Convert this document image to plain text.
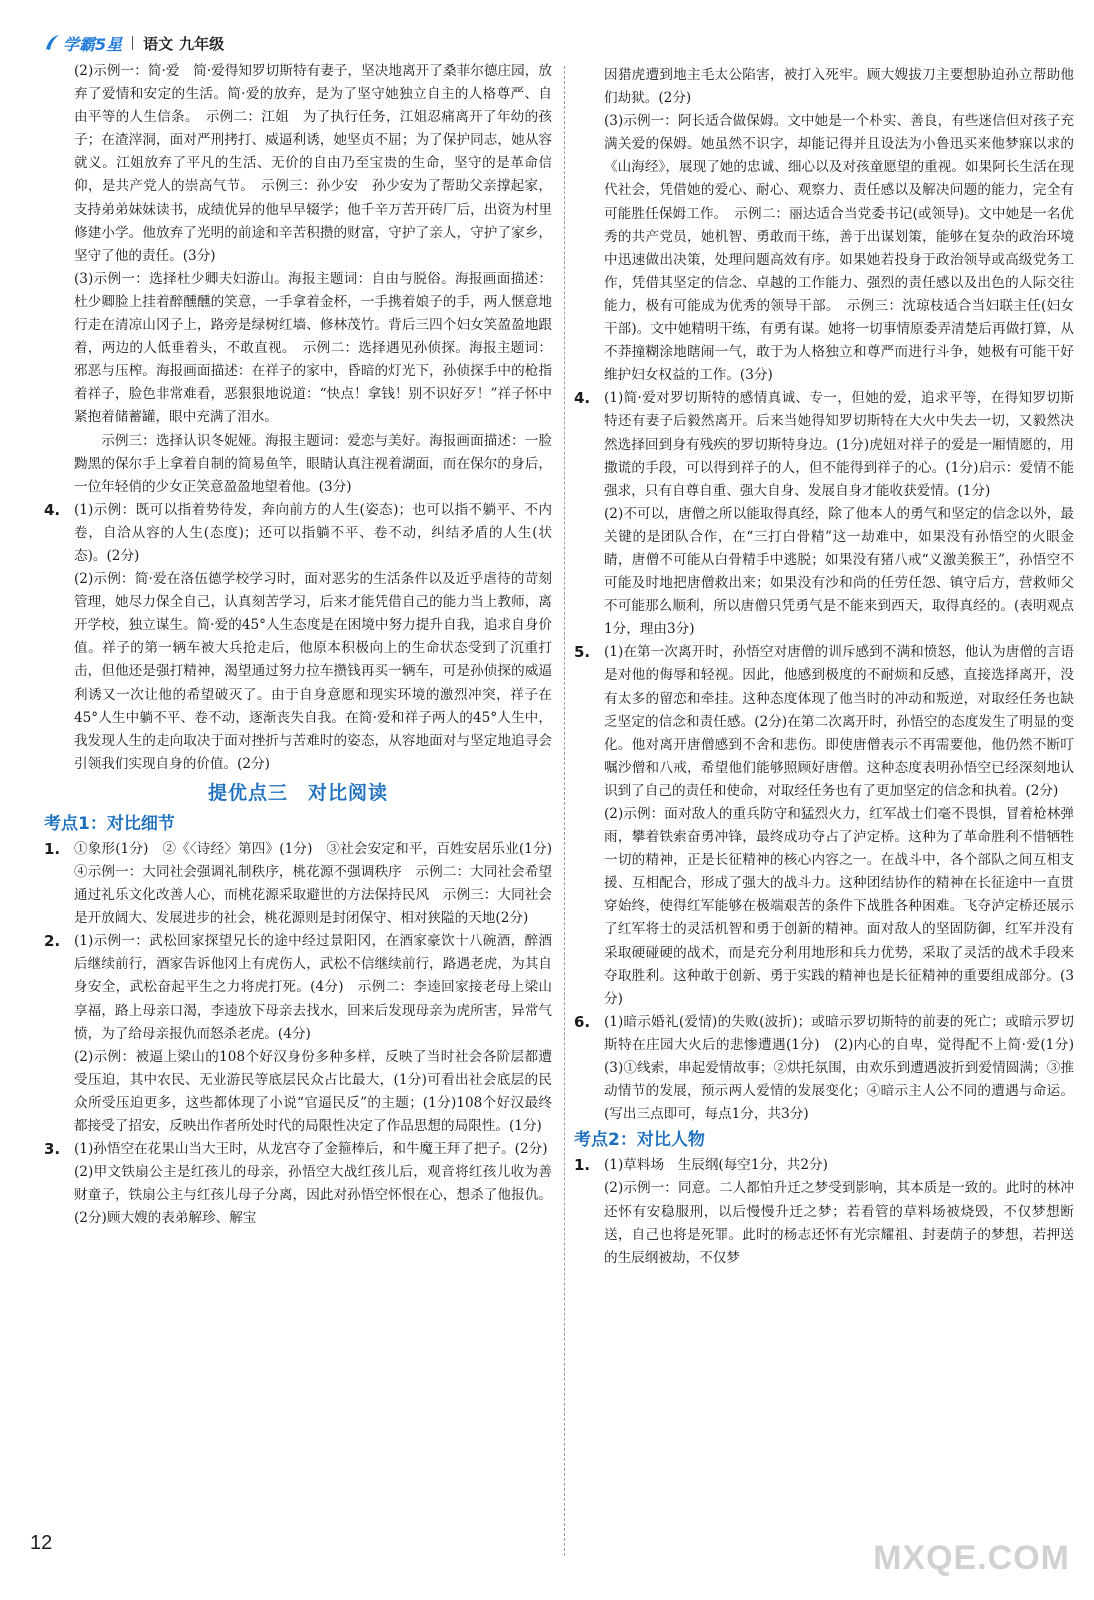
学霸5星 语文 九年级

(2)示例一：简·爱　简·爱得知罗切斯特有妻子，坚决地离开了桑菲尔德庄园，放弃了爱情和安定的生活。简·爱的放弃，是为了坚守她独立自主的人格尊严、自由平等的人生信条。　示例二：江姐　为了执行任务，江姐忍痛离开了年幼的孩子；在渣滓洞，面对严刑拷打、威逼利诱，她坚贞不屈；为了保护同志，她从容就义。江姐放弃了平凡的生活、无价的自由乃至宝贵的生命，坚守的是革命信仰，是共产党人的崇高气节。　示例三：孙少安　孙少安为了帮助父亲撑起家，支持弟弟妹妹读书，成绩优异的他早早辍学；他千辛万苦开砖厂后，出资为村里修建小学。他放弃了光明的前途和辛苦积攒的财富，守护了亲人，守护了家乡，坚守了他的责任。(3分)

(3)示例一：选择杜少卿夫妇游山。海报主题词：自由与脱俗。海报画面描述：杜少卿脸上挂着醉醺醺的笑意，一手拿着金杯，一手携着娘子的手，两人惬意地行走在清凉山冈子上，路旁是绿树红墙、修林茂竹。背后三四个妇女笑盈盈地跟着，两边的人低垂着头，不敢直视。　示例二：选择遇见孙侦探。海报主题词：邪恶与压榨。海报画面描述：在祥子的家中，昏暗的灯光下，孙侦探手中的枪指着祥子，脸色非常难看，恶狠狠地说道：“快点！拿钱！别不识好歹！”祥子怀中紧抱着储蓄罐，眼中充满了泪水。

示例三：选择认识冬妮娅。海报主题词：爱恋与美好。海报画面描述：一脸黝黑的保尔手上拿着自制的简易鱼竿，眼睛认真注视着湖面，而在保尔的身后，一位年轻俏的少女正笑意盈盈地望着他。(3分)

4. (1)示例：既可以指着势待发，奔向前方的人生(姿态)；也可以指不躺平、不内卷，自洽从容的人生(态度)；还可以指躺不平、卷不动，纠结矛盾的人生(状态)。(2分)

(2)示例：简·爱在洛伍德学校学习时，面对恶劣的生活条件以及近乎虐待的苛刻管理，她尽力保全自己，认真刻苦学习，后来才能凭借自己的能力当上教师，离开学校，独立谋生。简·爱的45°人生态度是在困境中努力提升自我，追求自身价值。祥子的第一辆车被大兵抢走后，他原本积极向上的生命状态受到了沉重打击，但他还是强打精神，渴望通过努力拉车攒钱再买一辆车，可是孙侦探的威逼利诱又一次让他的希望破灭了。由于自身意愿和现实环境的激烈冲突，祥子在45°人生中躺不平、卷不动，逐渐丧失自我。在简·爱和祥子两人的45°人生中，我发现人生的走向取决于面对挫折与苦难时的姿态，从容地面对与坚定地追寻会引领我们实现自身的价值。(2分)

提优点三　对比阅读

考点1：对比细节

1. ①象形(1分)　②《〈诗经〉第四》(1分)　③社会安定和平，百姓安居乐业(1分)　④示例一：大同社会强调礼制秩序，桃花源不强调秩序　示例二：大同社会希望通过礼乐文化改善人心，而桃花源采取避世的方法保持民风　示例三：大同社会是开放阔大、发展进步的社会，桃花源则是封闭保守、相对狭隘的天地(2分)

2. (1)示例一：武松回家探望兄长的途中经过景阳冈，在酒家豪饮十八碗酒，醉酒后继续前行，酒家告诉他冈上有虎伤人，武松不信继续前行，路遇老虎，为其自身安全，武松奋起平生之力将虎打死。(4分)　示例二：李逵回家接老母上梁山享福，路上母亲口渴，李逵放下母亲去找水，回来后发现母亲为虎所害，异常气愤，为了给母亲报仇而怒杀老虎。(4分)

(2)示例：被逼上梁山的108个好汉身份多种多样，反映了当时社会各阶层都遭受压迫，其中农民、无业游民等底层民众占比最大，(1分)可看出社会底层的民众所受压迫更多，这些都体现了小说“官逼民反”的主题；(1分)108个好汉最终都接受了招安，反映出作者所处时代的局限性决定了作品思想的局限性。(1分)

3. (1)孙悟空在花果山当大王时，从龙宫夺了金箍棒后，和牛魔王拜了把子。(2分)

(2)甲文铁扇公主是红孩儿的母亲，孙悟空大战红孩儿后，观音将红孩儿收为善财童子，铁扇公主与红孩儿母子分离，因此对孙悟空怀恨在心，想杀了他报仇。(2分)顾大嫂的表弟解珍、解宝

因猎虎遭到地主毛太公陷害，被打入死牢。顾大嫂拔刀主要想胁迫孙立帮助他们劫狱。(2分)

(3)示例一：阿长适合做保姆。文中她是一个朴实、善良，有些迷信但对孩子充满关爱的保姆。她虽然不识字，却能记得并且设法为小鲁迅买来他梦寐以求的《山海经》，展现了她的忠诚、细心以及对孩童愿望的重视。如果阿长生活在现代社会，凭借她的爱心、耐心、观察力、责任感以及解决问题的能力，完全有可能胜任保姆工作。　示例二：丽达适合当党委书记(或领导)。文中她是一名优秀的共产党员，她机智、勇敢而干练，善于出谋划策，能够在复杂的政治环境中迅速做出决策，处理问题高效有序。如果她若投身于政治领导或高级党务工作，凭借其坚定的信念、卓越的工作能力、强烈的责任感以及出色的人际交往能力，极有可能成为优秀的领导干部。　示例三：沈琼枝适合当妇联主任(妇女干部)。文中她精明干练，有勇有谋。她将一切事情原委弄清楚后再做打算，从不莽撞糊涂地瞎闹一气，敢于为人格独立和尊严而进行斗争，她极有可能干好维护妇女权益的工作。(3分)

4. (1)简·爱对罗切斯特的感情真诚、专一，但她的爱，追求平等，在得知罗切斯特还有妻子后毅然离开。后来当她得知罗切斯特在大火中失去一切，又毅然决然选择回到身有残疾的罗切斯特身边。(1分)虎妞对祥子的爱是一厢情愿的，用撒谎的手段，可以得到祥子的人，但不能得到祥子的心。(1分)启示：爱情不能强求，只有自尊自重、强大自身、发展自身才能收获爱情。(1分)

(2)不可以，唐僧之所以能取得真经，除了他本人的勇气和坚定的信念以外，最关键的是团队合作，在“三打白骨精”这一劫难中，如果没有孙悟空的火眼金睛，唐僧不可能从白骨精手中逃脱；如果没有猪八戒“义激美猴王”，孙悟空不可能及时地把唐僧救出来；如果没有沙和尚的任劳任怨、镇守后方，营救师父不可能那么顺利，所以唐僧只凭勇气是不能来到西天，取得真经的。(表明观点1分，理由3分)

5. (1)在第一次离开时，孙悟空对唐僧的训斥感到不满和愤怒，他认为唐僧的言语是对他的侮辱和轻视。因此，他感到极度的不耐烦和反感，直接选择离开，没有太多的留恋和牵挂。这种态度体现了他当时的冲动和叛逆，对取经任务也缺乏坚定的信念和责任感。(2分)在第二次离开时，孙悟空的态度发生了明显的变化。他对离开唐僧感到不舍和悲伤。即使唐僧表示不再需要他，他仍然不断叮嘱沙僧和八戒，希望他们能够照顾好唐僧。这种态度表明孙悟空已经深刻地认识到了自己的责任和使命，对取经任务也有了更加坚定的信念和执着。(2分)

(2)示例：面对敌人的重兵防守和猛烈火力，红军战士们毫不畏惧，冒着枪林弹雨，攀着铁索奋勇冲锋，最终成功夺占了泸定桥。这种为了革命胜利不惜牺牲一切的精神，正是长征精神的核心内容之一。在战斗中，各个部队之间互相支援、互相配合，形成了强大的战斗力。这种团结协作的精神在长征途中一直贯穿始终，使得红军能够在极端艰苦的条件下战胜各种困难。飞夺泸定桥还展示了红军将士的灵活机智和勇于创新的精神。面对敌人的坚固防御，红军并没有采取硬碰硬的战术，而是充分利用地形和兵力优势，采取了灵活的战术手段来夺取胜利。这种敢于创新、勇于实践的精神也是长征精神的重要组成部分。(3分)

6. (1)暗示婚礼(爱情)的失败(波折)；或暗示罗切斯特的前妻的死亡；或暗示罗切斯特在庄园大火后的悲惨遭遇(1分)　(2)内心的自卑，觉得配不上简·爱(1分)　(3)①线索，串起爱情故事；②烘托氛围，由欢乐到遭遇波折到爱情圆满；③推动情节的发展，预示两人爱情的发展变化；④暗示主人公不同的遭遇与命运。(写出三点即可，每点1分，共3分)

考点2：对比人物

1. (1)草料场　生辰纲(每空1分，共2分)

(2)示例一：同意。二人都怕升迁之梦受到影响，其本质是一致的。此时的林冲还怀有安稳服刑，以后慢慢升迁之梦；若看管的草料场被烧毁，不仅梦想断送，自己也将是死罪。此时的杨志还怀有光宗耀祖、封妻荫子的梦想，若押送的生辰纲被劫，不仅梦

12	MXQE.COM
